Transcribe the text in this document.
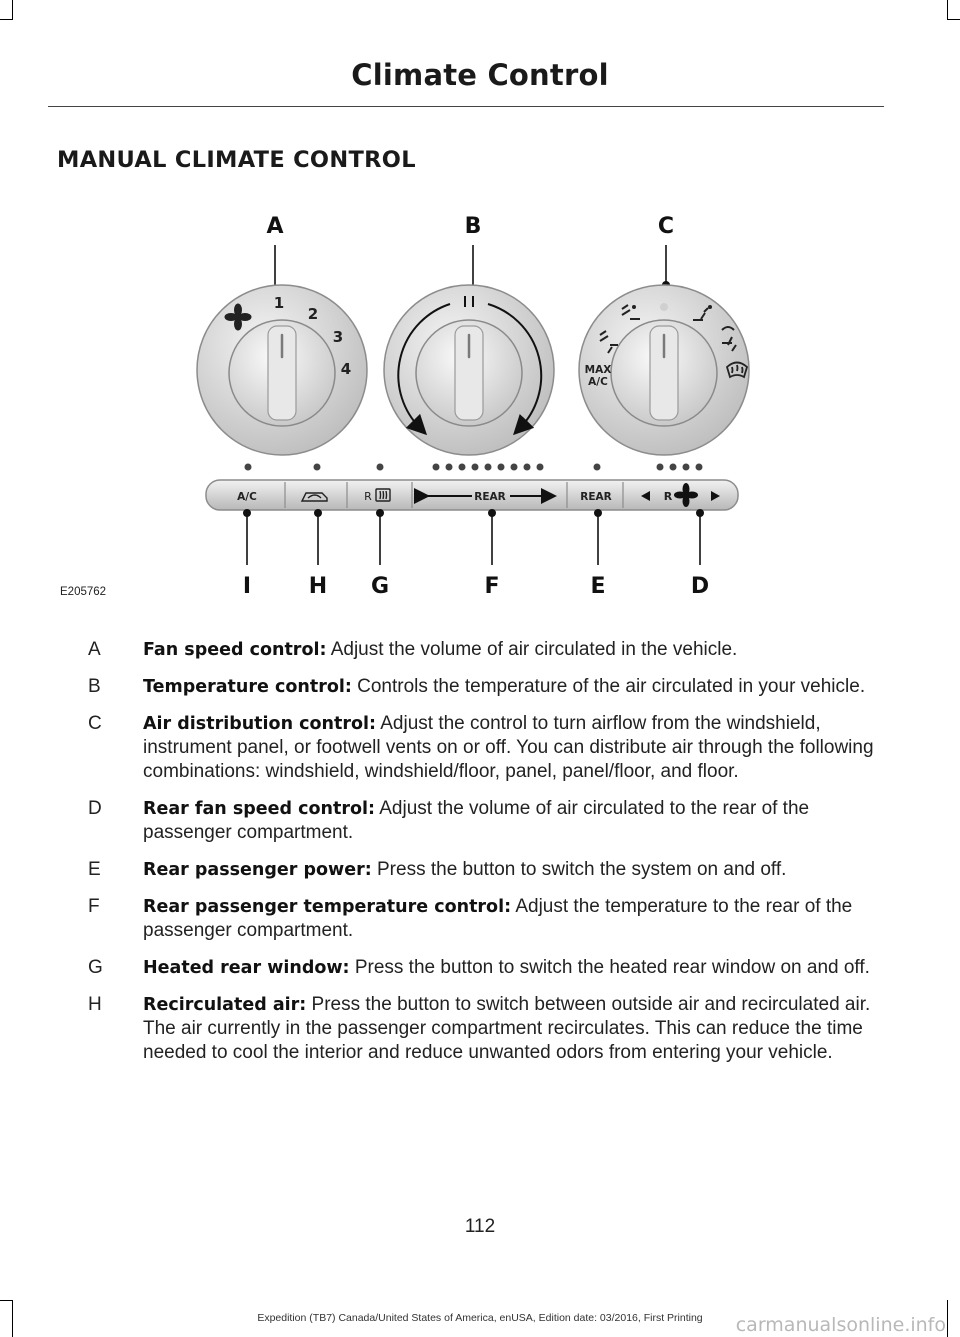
Climate Control
MANUAL CLIMATE CONTROL
A	B	C
1
2
3
4	MAX
A/C
A/C	R	REAR	REAR	R
I	H G	F	E	D
E205762
A	Fan speed control: Adjust the volume of air circulated in the vehicle.
B	Temperature control: Controls the temperature of the air circulated in your vehicle.
C	Air distribution control: Adjust the control to turn airflow from the windshield, instrument panel, or footwell vents on or off. You can distribute air through the following combinations: windshield, windshield/floor, panel, panel/floor, and floor.
D	Rear fan speed control: Adjust the volume of air circulated to the rear of the passenger compartment.
E	Rear passenger power: Press the button to switch the system on and off.
F	Rear passenger temperature control: Adjust the temperature to the rear of the passenger compartment.
G	Heated rear window: Press the button to switch the heated rear window on and off.
H	Recirculated air: Press the button to switch between outside air and recirculated air. The air currently in the passenger compartment recirculates. This can reduce the time needed to cool the interior and reduce unwanted odors from entering your vehicle.
112
Expedition (TB7) Canada/United States of America, enUSA, Edition date: 03/2016, First Printing	carmanualsonline.info
